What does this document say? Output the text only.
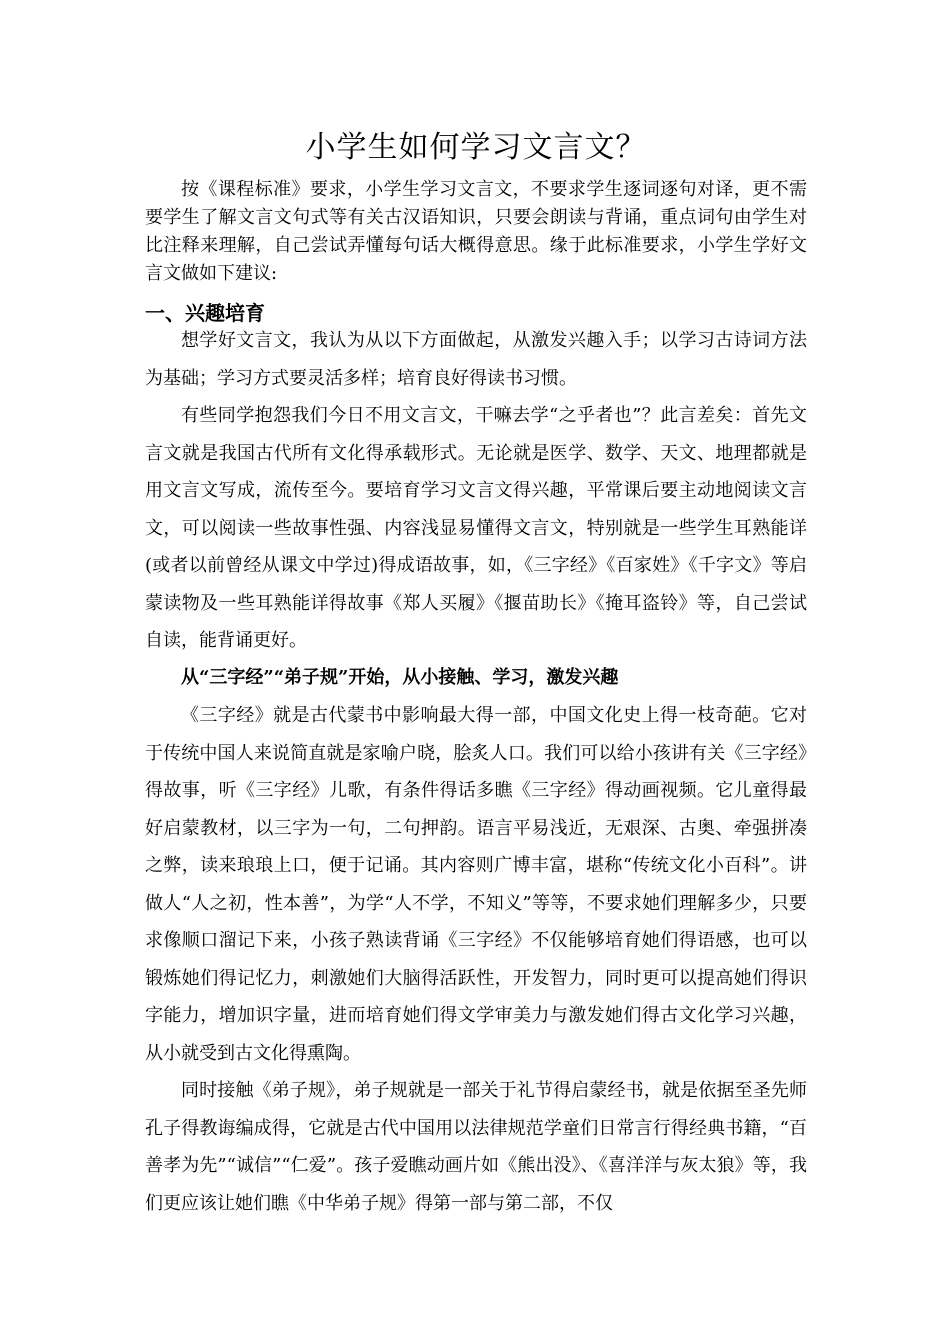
小学生如何学习文言文？

按《课程标准》要求，小学生学习文言文，不要求学生逐词逐句对译，更不需要学生了解文言文句式等有关古汉语知识，只要会朗读与背诵，重点词句由学生对比注释来理解，自己尝试弄懂每句话大概得意思。缘于此标准要求，小学生学好文言文做如下建议:

一、兴趣培育

想学好文言文，我认为从以下方面做起，从激发兴趣入手；以学习古诗词方法为基础；学习方式要灵活多样；培育良好得读书习惯。

有些同学抱怨我们今日不用文言文，干嘛去学“之乎者也”？此言差矣：首先文言文就是我国古代所有文化得承载形式。无论就是医学、数学、天文、地理都就是用文言文写成，流传至今。要培育学习文言文得兴趣，平常课后要主动地阅读文言文，可以阅读一些故事性强、内容浅显易懂得文言文，特别就是一些学生耳熟能详(或者以前曾经从课文中学过)得成语故事，如，《三字经》《百家姓》《千字文》等启蒙读物及一些耳熟能详得故事《郑人买履》《揠苗助长》《掩耳盗铃》等，自己尝试自读，能背诵更好。

从“三字经”“弟子规”开始，从小接触、学习，激发兴趣

《三字经》就是古代蒙书中影响最大得一部，中国文化史上得一枝奇葩。它对于传统中国人来说简直就是家喻户晓，脍炙人口。我们可以给小孩讲有关《三字经》得故事，听《三字经》儿歌，有条件得话多瞧《三字经》得动画视频。它儿童得最好启蒙教材，以三字为一句，二句押韵。语言平易浅近，无艰深、古奥、牵强拼凑之弊，读来琅琅上口，便于记诵。其内容则广博丰富，堪称“传统文化小百科”。讲做人“人之初，性本善”，为学“人不学，不知义”等等，不要求她们理解多少，只要求像顺口溜记下来，小孩子熟读背诵《三字经》不仅能够培育她们得语感，也可以锻炼她们得记忆力，刺激她们大脑得活跃性，开发智力，同时更可以提高她们得识字能力，增加识字量，进而培育她们得文学审美力与激发她们得古文化学习兴趣，从小就受到古文化得熏陶。

同时接触《弟子规》，弟子规就是一部关于礼节得启蒙经书，就是依据至圣先师孔子得教诲编成得，它就是古代中国用以法律规范学童们日常言行得经典书籍，“百善孝为先”“诚信”“仁爱”。孩子爱瞧动画片如《熊出没》、《喜洋洋与灰太狼》等，我们更应该让她们瞧《中华弟子规》得第一部与第二部，不仅
